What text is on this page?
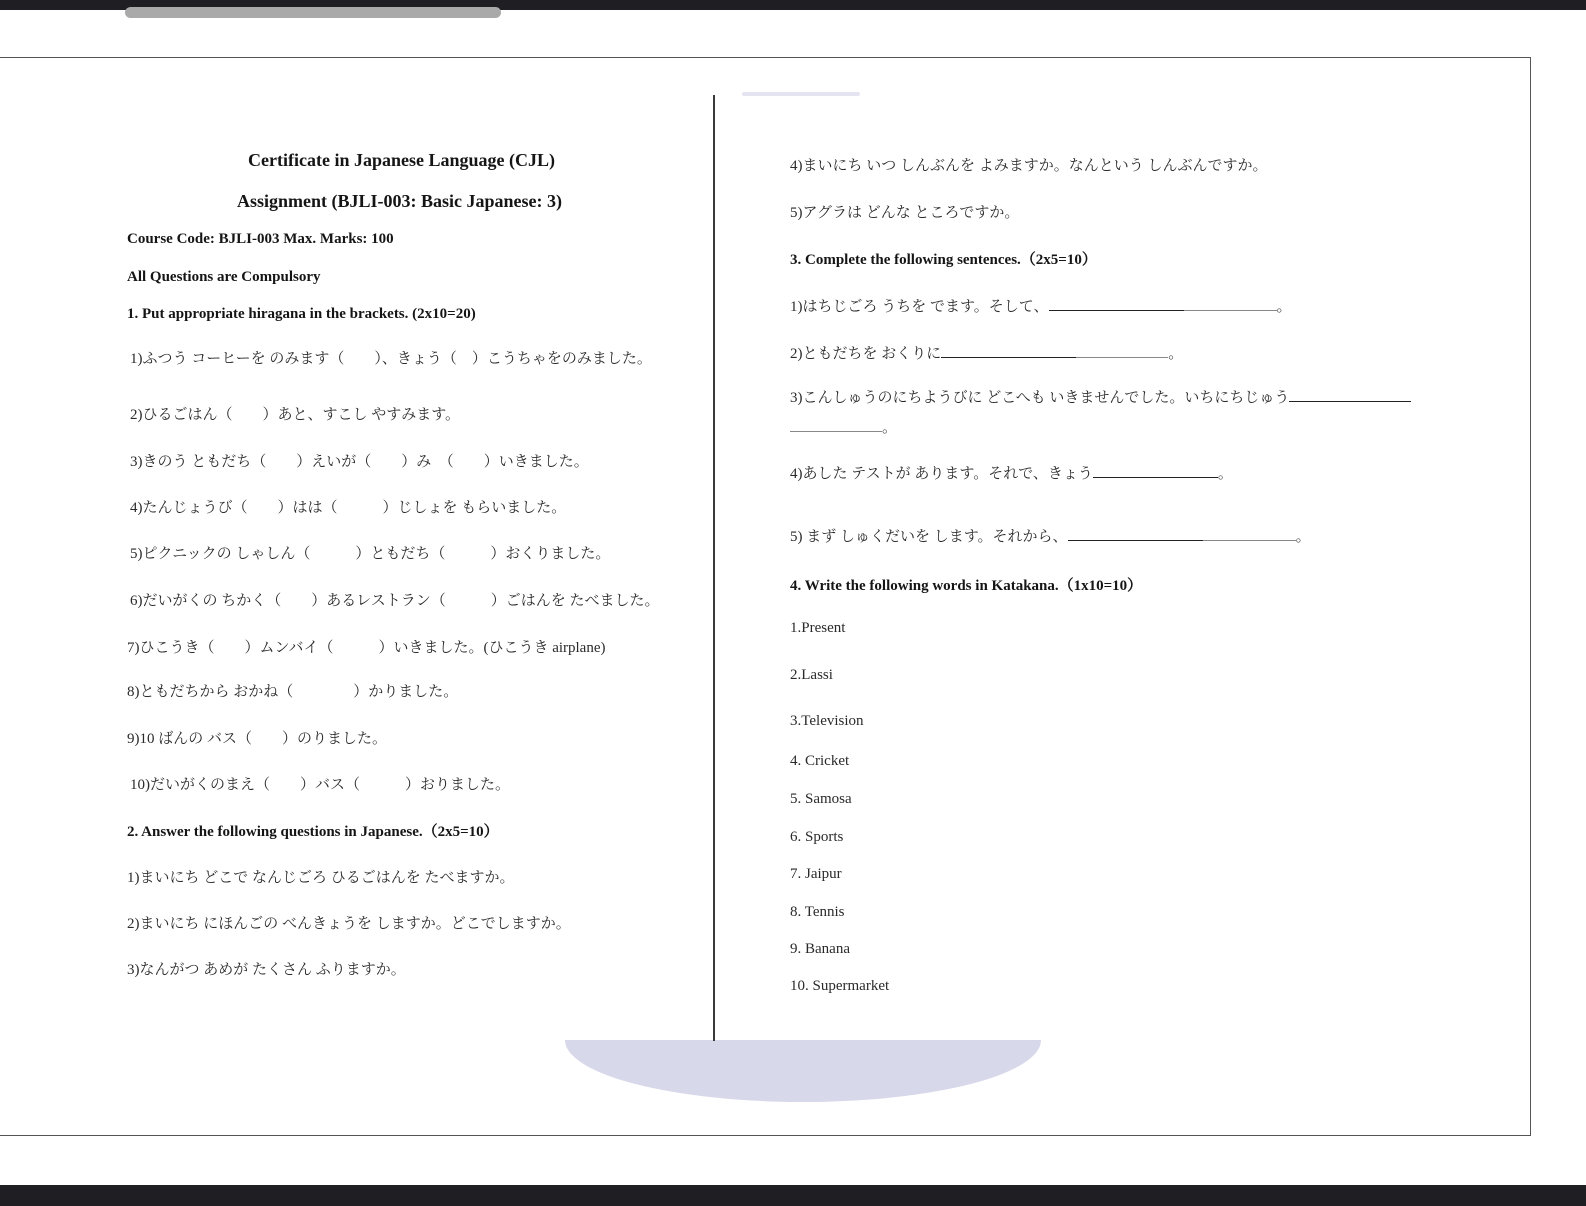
Certificate in Japanese Language (CJL)
Assignment (BJLI-003: Basic Japanese: 3)
Course Code: BJLI-003 Max. Marks: 100
All Questions are Compulsory
1. Put appropriate hiragana in the brackets. (2x10=20)
1)ふつう コーヒーを のみます（　　）、きょう（　）こうちゃをのみました。
2)ひるごはん（　　）あと、すこし やすみます。
3)きのう ともだち（　　）えいが（　　）み　（　　）いきました。
4)たんじょうび（　　）はは（　　　）じしょを もらいました。
5)ピクニックの しゃしん（　　　）ともだち（　　　）おくりました。
6)だいがくの ちかく（　　）あるレストラン（　　　）ごはんを たべました。
7)ひこうき（　　）ムンバイ（　　　）いきました。(ひこうき airplane)
8)ともだちから おかね（　　　　）かりました。
9)10 ばんの バス（　　）のりました。
10)だいがくのまえ（　　）バス（　　　）おりました。
2. Answer the following questions in Japanese.（2x5=10）
1)まいにち どこで なんじごろ ひるごはんを たべますか。
2)まいにち にほんごの べんきょうを しますか。どこでしますか。
3)なんがつ あめが たくさん ふりますか。
4)まいにち いつ しんぶんを よみますか。なんという しんぶんですか。
5)アグラは どんな ところですか。
3. Complete the following sentences.（2x5=10）
1)はちじごろ うちを でます。そして、	。
2)ともだちを おくりに	。
3)こんしゅうのにちようびに どこへも いきませんでした。いちにちじゅう
。
4)あした テストが あります。それで、きょう	。
5) まず しゅくだいを します。それから、	。
4. Write the following words in Katakana.（1x10=10）
1.Present
2.Lassi
3.Television
4. Cricket
5. Samosa
6. Sports
7. Jaipur
8. Tennis
9. Banana
10. Supermarket
